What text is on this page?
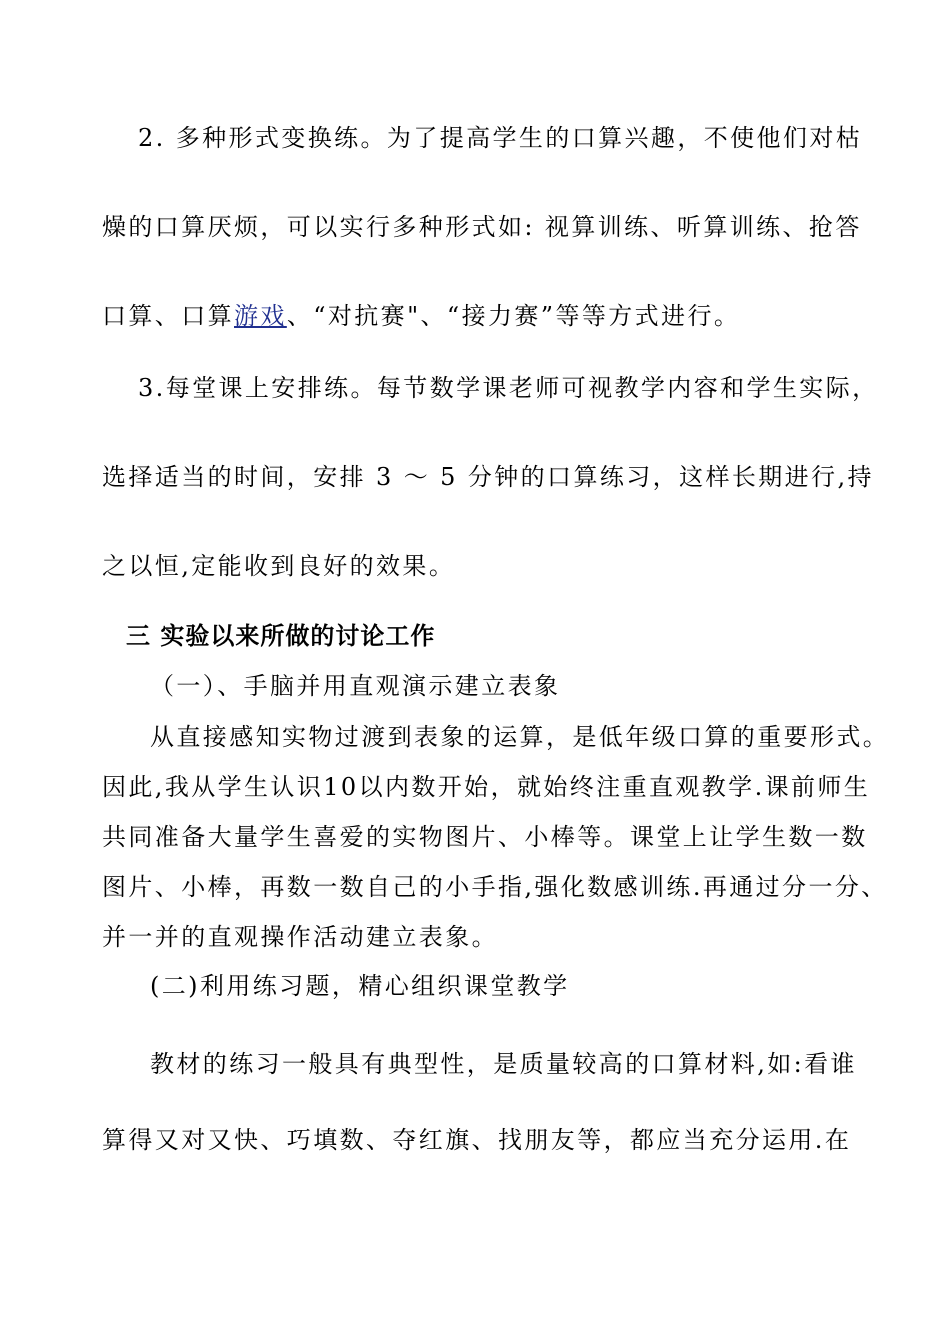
2. 多种形式变换练。为了提高学生的口算兴趣，不使他们对枯
燥的口算厌烦，可以实行多种形式如: 视算训练、听算训练、抢答
口算、口算游戏、“对抗赛"、“接力赛”等等方式进行。
3.每堂课上安排练。每节数学课老师可视教学内容和学生实际，
选择适当的时间，安排 3 ～ 5 分钟的口算练习，这样长期进行,持
之以恒,定能收到良好的效果。
三 实验以来所做的讨论工作
（一）、手脑并用直观演示建立表象
从直接感知实物过渡到表象的运算，是低年级口算的重要形式。
因此,我从学生认识10以内数开始，就始终注重直观教学.课前师生
共同准备大量学生喜爱的实物图片、小棒等。课堂上让学生数一数
图片、小棒，再数一数自己的小手指,强化数感训练.再通过分一分、
并一并的直观操作活动建立表象。
(二)利用练习题，精心组织课堂教学
教材的练习一般具有典型性，是质量较高的口算材料,如:看谁
算得又对又快、巧填数、夺红旗、找朋友等，都应当充分运用.在
